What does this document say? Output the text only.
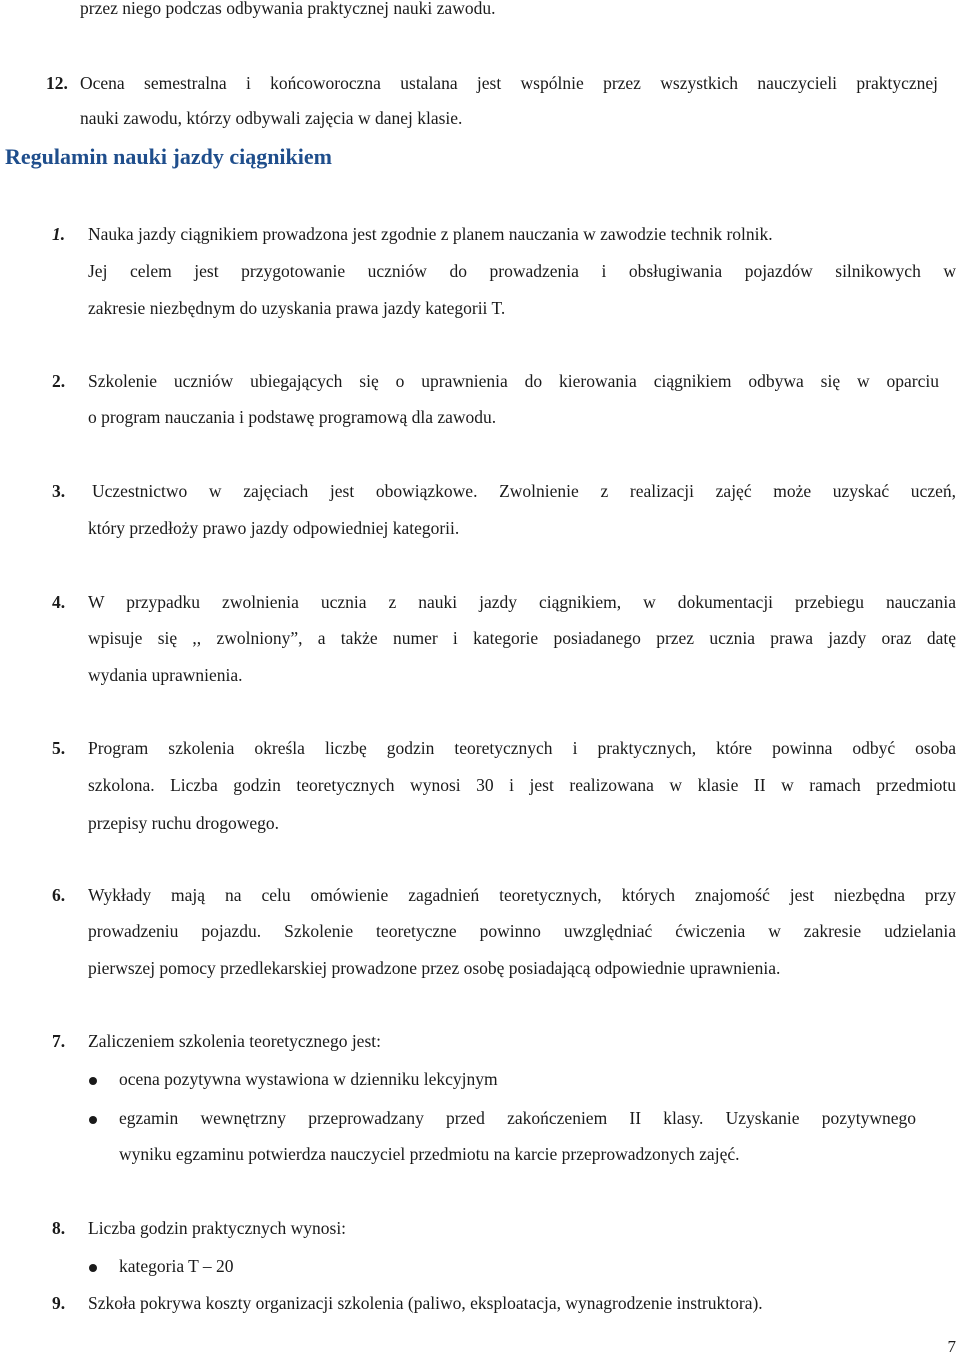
przez niego podczas odbywania praktycznej nauki zawodu.
12. Ocena semestralna i końcoworoczna ustalana jest wspólnie przez wszystkich nauczycieli praktycznej
nauki zawodu, którzy odbywali zajęcia w danej klasie.
Regulamin nauki jazdy ciągnikiem
1. Nauka jazdy ciągnikiem prowadzona jest zgodnie z planem nauczania w zawodzie technik rolnik.
Jej celem jest przygotowanie uczniów do prowadzenia i obsługiwania pojazdów silnikowych w
zakresie niezbędnym do uzyskania prawa jazdy kategorii T.
2. Szkolenie uczniów ubiegających się o uprawnienia do kierowania ciągnikiem odbywa się w oparciu
o program nauczania i podstawę programową dla zawodu.
3. Uczestnictwo w zajęciach jest obowiązkowe. Zwolnienie z realizacji zajęć może uzyskać uczeń,
który przedłoży prawo jazdy odpowiedniej kategorii.
4. W przypadku zwolnienia ucznia z nauki jazdy ciągnikiem, w dokumentacji przebiegu nauczania
wpisuje się ,, zwolniony”, a także numer i kategorie posiadanego przez ucznia prawa jazdy oraz datę
wydania uprawnienia.
5. Program szkolenia określa liczbę godzin teoretycznych i praktycznych, które powinna odbyć osoba
szkolona. Liczba godzin teoretycznych wynosi 30 i jest realizowana w klasie II w ramach przedmiotu
przepisy ruchu drogowego.
6. Wykłady mają na celu omówienie zagadnień teoretycznych, których znajomość jest niezbędna przy
prowadzeniu pojazdu. Szkolenie teoretyczne powinno uwzględniać ćwiczenia w zakresie udzielania
pierwszej pomocy przedlekarskiej prowadzone przez osobę posiadającą odpowiednie uprawnienia.
7. Zaliczeniem szkolenia teoretycznego jest:
ocena pozytywna wystawiona w dzienniku lekcyjnym
egzamin wewnętrzny przeprowadzany przed zakończeniem II klasy. Uzyskanie pozytywnego
wyniku egzaminu potwierdza nauczyciel przedmiotu na karcie przeprowadzonych zajęć.
8. Liczba godzin praktycznych wynosi:
kategoria T – 20
9. Szkoła pokrywa koszty organizacji szkolenia (paliwo, eksploatacja, wynagrodzenie instruktora).
7
